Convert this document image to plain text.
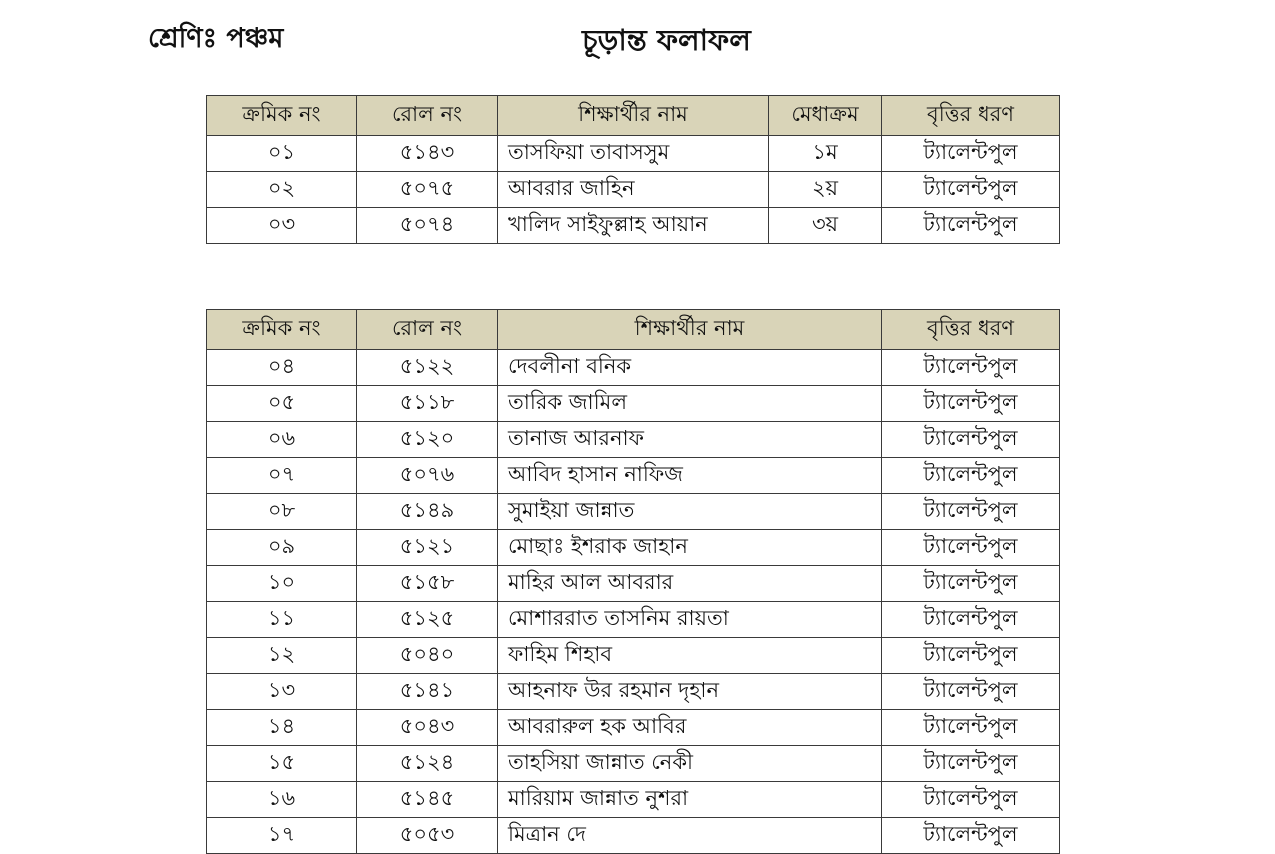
শ্রেণিঃ পঞ্চম	চূড়ান্ত ফলাফল
ক্রমিক নং	রোল নং	শিক্ষার্থীর নাম	মেধাক্রম	বৃত্তির ধরণ
০১	৫১৪৩	তাসফিয়া তাবাসসুম	১ম	ট্যালেন্টপুল
০২	৫০৭৫	আবরার জাহিন	২য়	ট্যালেন্টপুল
০৩	৫০৭৪	খালিদ সাইফুল্লাহ আয়ান	৩য়	ট্যালেন্টপুল
ক্রমিক নং	রোল নং	শিক্ষার্থীর নাম	বৃত্তির ধরণ
০৪	৫১২২	দেবলীনা বনিক	ট্যালেন্টপুল
০৫	৫১১৮	তারিক জামিল	ট্যালেন্টপুল
০৬	৫১২০	তানাজ আরনাফ	ট্যালেন্টপুল
০৭	৫০৭৬	আবিদ হাসান নাফিজ	ট্যালেন্টপুল
০৮	৫১৪৯	সুমাইয়া জান্নাত	ট্যালেন্টপুল
০৯	৫১২১	মোছাঃ ইশরাক জাহান	ট্যালেন্টপুল
১০	৫১৫৮	মাহির আল আবরার	ট্যালেন্টপুল
১১	৫১২৫	মোশাররাত তাসনিম রায়তা	ট্যালেন্টপুল
১২	৫০৪০	ফাহিম শিহাব	ট্যালেন্টপুল
১৩	৫১৪১	আহনাফ উর রহমান দৃহান	ট্যালেন্টপুল
১৪	৫০৪৩	আবরারুল হক আবির	ট্যালেন্টপুল
১৫	৫১২৪	তাহসিয়া জান্নাত নেকী	ট্যালেন্টপুল
১৬	৫১৪৫	মারিয়াম জান্নাত নুশরা	ট্যালেন্টপুল
১৭	৫০৫৩	মিত্রান দে	ট্যালেন্টপুল
